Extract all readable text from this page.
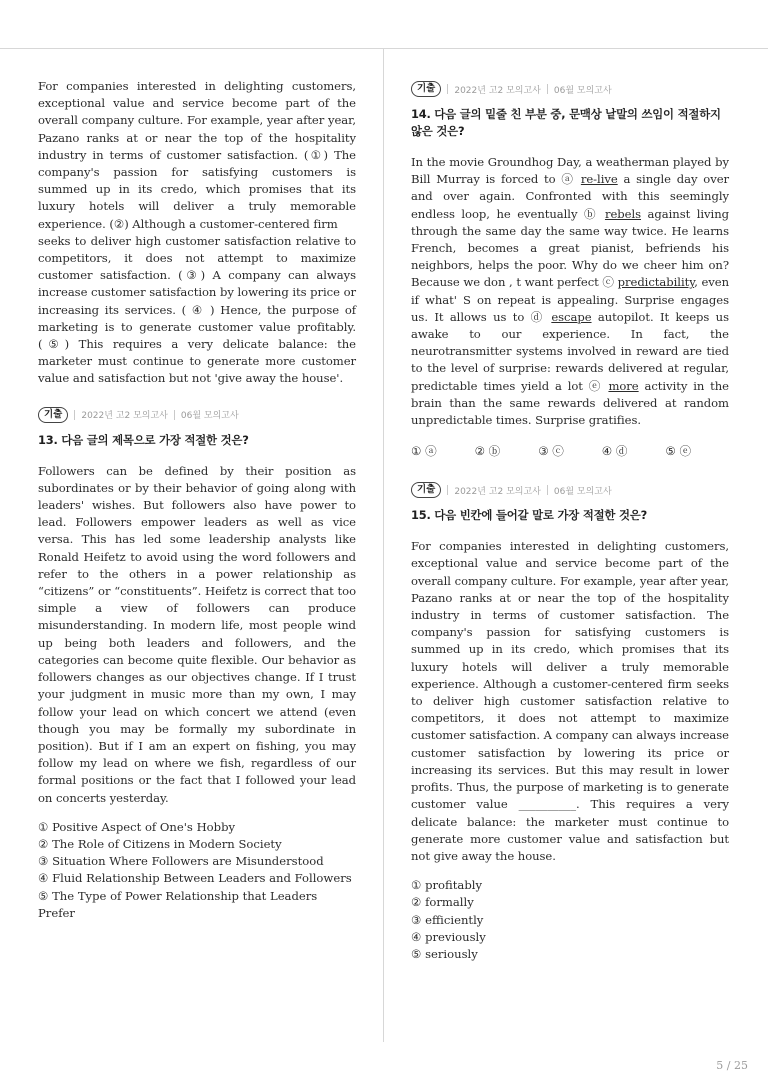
For companies interested in delighting customers, exceptional value and service become part of the overall company culture. For example, year after year, Pazano ranks at or near the top of the hospitality industry in terms of customer satisfaction. (①) The company's passion for satisfying customers is summed up in its credo, which promises that its luxury hotels will deliver a truly memorable experience. (②) Although a customer-centered firm

seeks to deliver high customer satisfaction relative to competitors, it does not attempt to maximize customer satisfaction. (③) A company can always increase customer satisfaction by lowering its price or increasing its services. ( ④ ) Hence, the purpose of marketing is to generate customer value profitably. (⑤) This requires a very delicate balance: the marketer must continue to generate more customer value and satisfaction but not 'give away the house'.

기출	2022년 고2 모의고사 06월 모의고사

13. 다음 글의 제목으로 가장 적절한 것은?

Followers can be defined by their position as subordinates or by their behavior of going along with leaders' wishes. But followers also have power to lead. Followers empower leaders as well as vice versa. This has led some leadership analysts like Ronald Heifetz to avoid using the word followers and refer to the others in a power relationship as “citizens” or “constituents”. Heifetz is correct that too simple a view of followers can produce misunderstanding. In modern life, most people wind up being both leaders and followers, and the categories can become quite flexible. Our behavior as followers changes as our objectives change. If I trust your judgment in music more than my own, I may follow your lead on which concert we attend (even though you may be formally my subordinate in position). But if I am an expert on fishing, you may follow my lead on where we fish, regardless of our formal positions or the fact that I followed your lead on concerts yesterday.

① Positive Aspect of One's Hobby
② The Role of Citizens in Modern Society
③ Situation Where Followers are Misunderstood
④ Fluid Relationship Between Leaders and Followers
⑤ The Type of Power Relationship that Leaders Prefer
기출	2022년 고2 모의고사 06월 모의고사

14. 다음 글의 밑줄 친 부분 중, 문맥상 낱말의 쓰임이 적절하지 않은 것은?

In the movie Groundhog Day, a weatherman played by Bill Murray is forced to ⓐ re-live a single day over and over again. Confronted with this seemingly endless loop, he eventually ⓑ rebels against living through the same day the same way twice. He learns French, becomes a great pianist, befriends his neighbors, helps the poor. Why do we cheer him on? Because we don , t want perfect ⓒ predictability, even if what' S on repeat is appealing. Surprise engages us. It allows us to ⓓ escape autopilot. It keeps us awake to our experience. In fact, the neurotransmitter systems involved in reward are tied to the level of surprise: rewards delivered at regular, predictable times yield a lot ⓔ more activity in the brain than the same rewards delivered at random unpredictable times. Surprise gratifies.

① ⓐ	② ⓑ	③ ⓒ	④ ⓓ	⑤ ⓔ
기출	2022년 고2 모의고사 06월 모의고사

15. 다음 빈칸에 들어갈 말로 가장 적절한 것은?

For companies interested in delighting customers, exceptional value and service become part of the overall company culture. For example, year after year, Pazano ranks at or near the top of the hospitality industry in terms of customer satisfaction. The company's passion for satisfying customers is summed up in its credo, which promises that its luxury hotels will deliver a truly memorable experience. Although a customer-centered firm seeks to deliver high customer satisfaction relative to competitors, it does not attempt to maximize customer satisfaction. A company can always increase customer satisfaction by lowering its price or increasing its services. But this may result in lower profits. Thus, the purpose of marketing is to generate customer value __________. This requires a very delicate balance: the marketer must continue to generate more customer value and satisfaction but not give away the house.

① profitably
② formally
③ efficiently
④ previously
⑤ seriously
5 / 25
